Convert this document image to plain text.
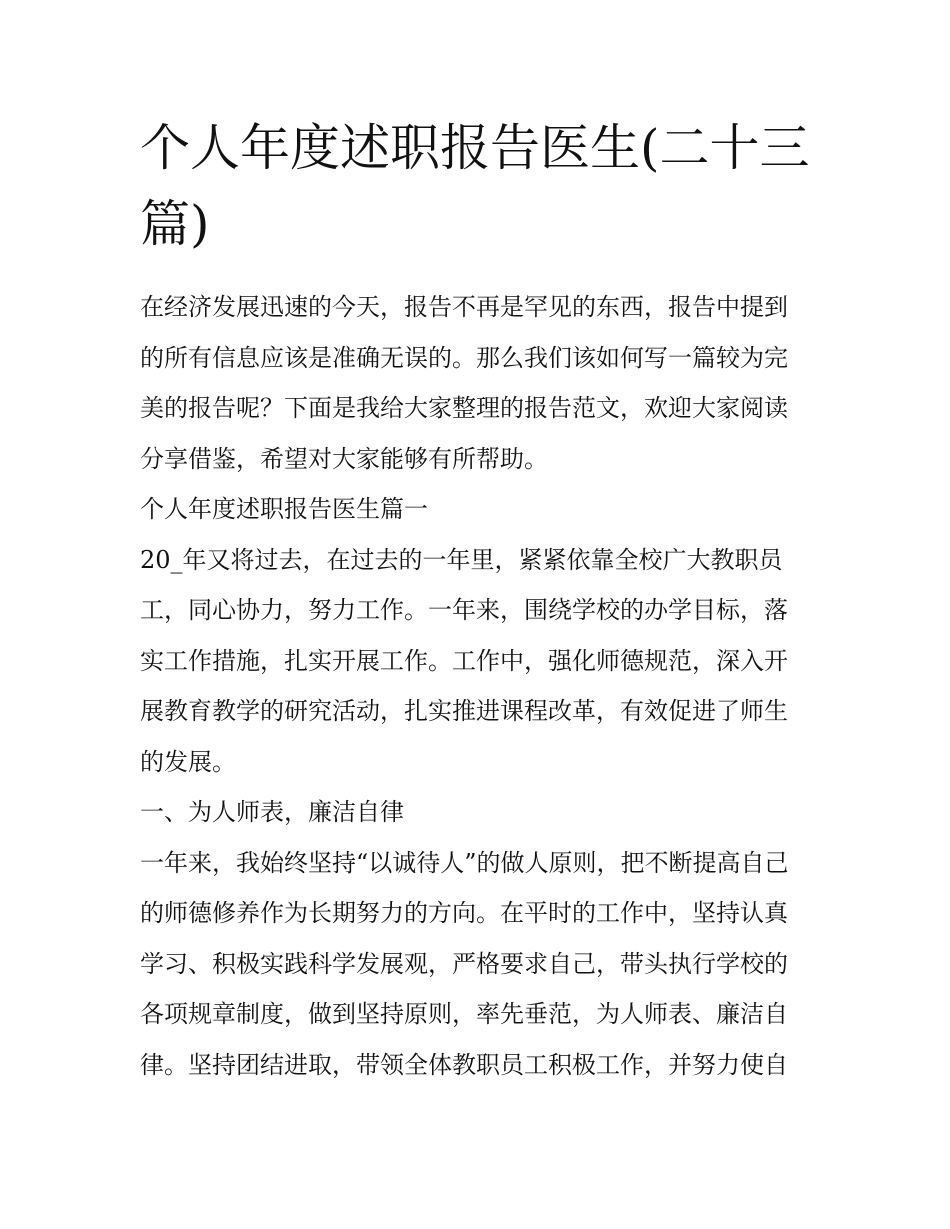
个人年度述职报告医生(二十三
篇)

在经济发展迅速的今天，报告不再是罕见的东西，报告中提到

的所有信息应该是准确无误的。那么我们该如何写一篇较为完

美的报告呢？下面是我给大家整理的报告范文，欢迎大家阅读

分享借鉴，希望对大家能够有所帮助。

个人年度述职报告医生篇一

20_年又将过去，在过去的一年里，紧紧依靠全校广大教职员

工，同心协力，努力工作。一年来，围绕学校的办学目标，落

实工作措施，扎实开展工作。工作中，强化师德规范，深入开

展教育教学的研究活动，扎实推进课程改革，有效促进了师生

的发展。

一、为人师表，廉洁自律

一年来，我始终坚持“以诚待人”的做人原则，把不断提高自己

的师德修养作为长期努力的方向。在平时的工作中，坚持认真

学习、积极实践科学发展观，严格要求自己，带头执行学校的

各项规章制度，做到坚持原则，率先垂范，为人师表、廉洁自

律。坚持团结进取，带领全体教职员工积极工作，并努力使自
